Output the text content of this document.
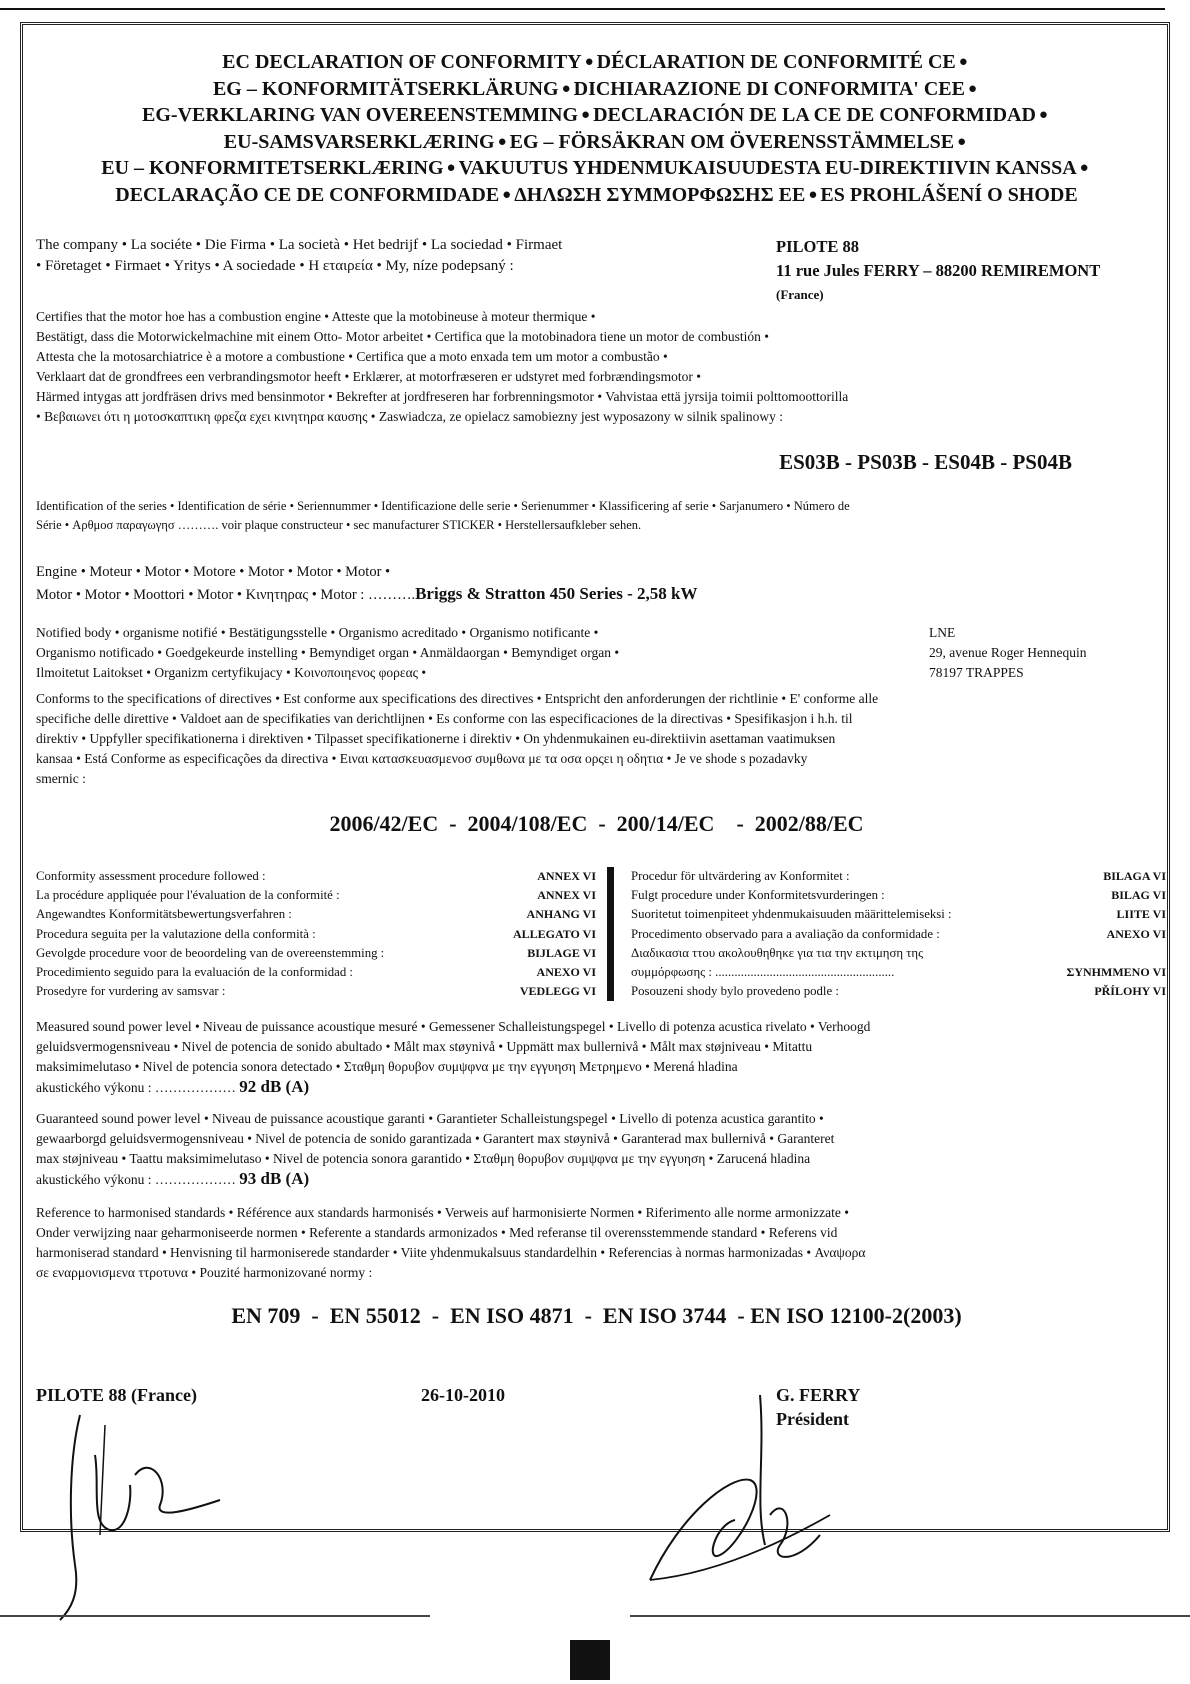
EC DECLARATION OF CONFORMITY ● DÉCLARATION DE CONFORMITÉ CE ●
EG – KONFORMITÄTSERKLÄRUNG ● DICHIARAZIONE DI CONFORMITA' CEE ●
EG-VERKLARING VAN OVEREENSTEMMING ● DECLARACIÓN DE LA CE DE CONFORMIDAD ●
EU-SAMSVARSERKLÆRING ● EG – FÖRSÄKRAN OM ÖVERENSSTÄMMELSE ●
EU – KONFORMITETSERKLÆRING ● VAKUUTUS YHDENMUKAISUUDESTA EU-DIREKTIIVIN KANSSA ●
DECLARAÇÃO CE DE CONFORMIDADE ● ΔΗΛΩΣΗ ΣΥΜΜΟΡΦΩΣΗΣ ΕΕ ● ES PROHLÁŠENÍ O SHODE

The company • La sociéte • Die Firma • La società • Het bedrijf • La sociedad • Firmaet

• Företaget • Firmaet • Yritys • A sociedade • Η εταιρεία • My, níze podepsaný :

PILOTE 88
11 rue Jules FERRY – 88200 REMIREMONT
(France)

Certifies that the motor hoe has a combustion engine • Atteste que la motobineuse à moteur thermique •

Bestätigt, dass die Motorwickelmachine mit einem Otto- Motor arbeitet • Certifica que la motobinadora tiene un motor de combustión •

Attesta che la motosarchiatrice è a motore a combustione • Certifica que a moto enxada tem um motor a combustão •

Verklaart dat de grondfrees een verbrandingsmotor heeft • Erklærer, at motorfræseren er udstyret med forbrændingsmotor •

Härmed intygas att jordfräsen drivs med bensinmotor • Bekrefter at jordfreseren har forbrenningsmotor • Vahvistaa että jyrsija toimii polttomoottorilla

• Βεβαιωνει ότι η μοτοσκαπτικη φρεζα εχει κινητηρα καυσης • Zaswiadcza, ze opielacz samobiezny jest wyposazony w silnik spalinowy :

ES03B - PS03B - ES04B - PS04B

Identification of the series • Identification de série • Seriennummer • Identificazione delle serie • Serienummer • Klassificering af serie • Sarjanumero • Número de

Série • Αρθμοσ παραγωγησ ………. voir plaque constructeur • sec manufacturer STICKER • Herstellersaufkleber sehen.

Engine • Moteur • Motor • Motore • Motor • Motor • Motor •

Motor • Motor • Moottori • Motor • Κινητηρας • Motor : ……….Briggs & Stratton 450 Series - 2,58 kW

Notified body • organisme notifié • Bestätigungsstelle • Organismo acreditado • Organismo notificante •

Organismo notificado • Goedgekeurde instelling • Bemyndiget organ • Anmäldaorgan • Bemyndiget organ •

Ilmoitetut Laitokset • Organizm certyfikujacy • Κοινοποιηενος φορεας •

LNE
29, avenue Roger Hennequin
78197 TRAPPES

Conforms to the specifications of directives • Est conforme aux specifications des directives • Entspricht den anforderungen der richtlinie • E' conforme alle

specifiche delle direttive • Valdoet aan de specifikaties van derichtlijnen • Es conforme con las especificaciones de la directivas • Spesifikasjon i h.h. til

direktiv • Uppfyller specifikationerna i direktiven • Tilpasset specifikationerne i direktiv • On yhdenmukainen eu-direktiivin asettaman vaatimuksen

kansaa • Está Conforme as especificações da directiva • Ειναι κατασκευασμενοσ συμθωνα με τα οσα ορςει η οδητια • Je ve shode s pozadavky

smernic :

2006/42/EC  -  2004/108/EC  -  200/14/EC    -  2002/88/EC
Conformity assessment procedure followed :	ANNEX VI
La procédure appliquée pour l'évaluation de la conformité :	ANNEX VI
Angewandtes Konformitätsbewertungsverfahren :	ANHANG VI
Procedura seguita per la valutazione della conformità :	ALLEGATO VI
Gevolgde procedure voor de beoordeling van de overeenstemming :	BIJLAGE VI
Procedimiento seguido para la evaluación de la conformidad :	ANEXO VI
Prosedyre for vurdering av samsvar :	VEDLEGG VI
Procedur för ultvärdering av Konformitet :	BILAGA VI
Fulgt procedure under Konformitetsvurderingen :	BILAG VI
Suoritetut toimenpiteet yhdenmukaisuuden määrittelemiseksi :	LIITE VI
Procedimento observado para a avaliação da conformidade :	ANEXO VI
Διαδικασια ττου ακολουθηθηκε για τια την εκτιμηση της
συμμόρφωσης : ........................................................	ΣΥΝΗΜΜΕΝΟ VI
Posouzeni shody bylo provedeno podle :	PŘÍLOHY VI

Measured sound power level • Niveau de puissance acoustique mesuré • Gemessener Schalleistungspegel • Livello di potenza acustica rivelato • Verhoogd

geluidsvermogensniveau • Nivel de potencia de sonido abultado • Målt max støynivå • Uppmätt max bullernivå • Målt max støjniveau • Mitattu

maksimimelutaso • Nivel de potencia sonora detectado • Σταθμη θορυβον συμψφνα με την εγγυηση Μετρημενο • Merená hladina

akustického výkonu : ……………… 92 dB (A)

Guaranteed sound power level • Niveau de puissance acoustique garanti • Garantieter Schalleistungspegel • Livello di potenza acustica garantito •

gewaarborgd geluidsvermogensniveau • Nivel de potencia de sonido garantizada • Garantert max støynivå • Garanterad max bullernivå • Garanteret

max støjniveau • Taattu maksimimelutaso • Nivel de potencia sonora garantido • Σταθμη θορυβον συμψφνα με την εγγυηση • Zarucená hladina

akustického výkonu : ……………… 93 dB (A)

Reference to harmonised standards • Référence aux standards harmonisés • Verweis auf harmonisierte Normen • Riferimento alle norme armonizzate •

Onder verwijzing naar geharmoniseerde normen • Referente a standards armonizados • Med referanse til overensstemmende standard • Referens vid

harmoniserad standard • Henvisning til harmoniserede standarder • Viite yhdenmukalsuus standardelhin • Referencias à normas harmonizadas • Αναψορα

σε εναρμονισμενα ττροτυνα • Pouzité harmonizované normy :

EN 709  -  EN 55012  -  EN ISO 4871  -  EN ISO 3744  - EN ISO 12100-2(2003)
PILOTE 88 (France)	26-10-2010	G. FERRY
Président
